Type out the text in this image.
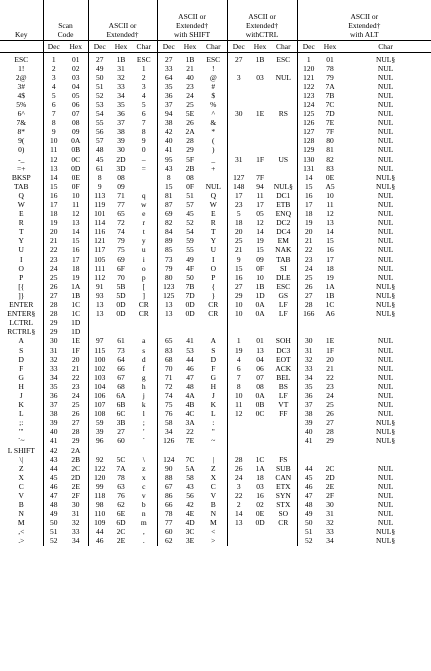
Key	Scan
Code		ASCII or
Extended†			ASCII or
Extended†
with SHIFT			ASCII or
Extended†
withCTRL			ASCII or
Extended†
with ALT		
	Dec	Hex	Dec	Hex	Char	Dec	Hex	Char	Dec	Hex	Char	Dec	Hex	Char
ESC	1	01	27	1B	ESC	27	1B	ESC	27	1B	ESC	1	01	NUL§
1!	2	02	49	31	1	33	21	!				120	78	NUL
2@	3	03	50	32	2	64	40	@	3	03	NUL	121	79	NUL
3#	4	04	51	33	3	35	23	#				122	7A	NUL
4$	5	05	52	34	4	36	24	$				123	7B	NUL
5%	6	06	53	35	5	37	25	%				124	7C	NUL
6^	7	07	54	36	6	94	5E	^	30	1E	RS	125	7D	NUL
7&	8	08	55	37	7	38	26	&				126	7E	NUL
8*	9	09	56	38	8	42	2A	*				127	7F	NUL
9(	10	0A	57	39	9	40	28	(				128	80	NUL
0)	11	0B	48	30	0	41	29	)				129	81	NUL
-_	12	0C	45	2D	–	95	5F	_	31	1F	US	130	82	NUL
=+	13	0D	61	3D	=	43	2B	+				131	83	NUL
BKSP	14	0E	8	08		8	08		127	7F		14	0E	NUL§
TAB	15	0F	9	09		15	0F	NUL	148	94	NUL§	15	A5	NUL§
Q	16	10	113	71	q	81	51	Q	17	11	DC1	16	10	NUL
W	17	11	119	77	w	87	57	W	23	17	ETB	17	11	NUL
E	18	12	101	65	e	69	45	E	5	05	ENQ	18	12	NUL
R	19	13	114	72	r	82	52	R	18	12	DC2	19	13	NUL
T	20	14	116	74	t	84	54	T	20	14	DC4	20	14	NUL
Y	21	15	121	79	y	89	59	Y	25	19	EM	21	15	NUL
U	22	16	117	75	u	85	55	U	21	15	NAK	22	16	NUL
I	23	17	105	69	i	73	49	I	9	09	TAB	23	17	NUL
O	24	18	111	6F	o	79	4F	O	15	0F	SI	24	18	NUL
P	25	19	112	70	p	80	50	P	16	10	DLE	25	19	NUL
[{	26	1A	91	5B	[	123	7B	{	27	1B	ESC	26	1A	NUL§
]}	27	1B	93	5D	]	125	7D	}	29	1D	GS	27	1B	NUL§
ENTER	28	1C	13	0D	CR	13	0D	CR	10	0A	LF	28	1C	NUL§
ENTER§	28	1C	13	0D	CR	13	0D	CR	10	0A	LF	166	A6	NUL§
LCTRL	29	1D												
RCTRL§	29	1D												
A	30	1E	97	61	a	65	41	A	1	01	SOH	30	1E	NUL
S	31	1F	115	73	s	83	53	S	19	13	DC3	31	1F	NUL
D	32	20	100	64	d	68	44	D	4	04	EOT	32	20	NUL
F	33	21	102	66	f	70	46	F	6	06	ACK	33	21	NUL
G	34	22	103	67	g	71	47	G	7	07	BEL	34	22	NUL
H	35	23	104	68	h	72	48	H	8	08	BS	35	23	NUL
J	36	24	106	6A	j	74	4A	J	10	0A	LF	36	24	NUL
K	37	25	107	6B	k	75	4B	K	11	0B	VT	37	25	NUL
L	38	26	108	6C	l	76	4C	L	12	0C	FF	38	26	NUL
;:	39	27	59	3B	;	58	3A	:				39	27	NUL§
'"	40	28	39	27	'	34	22	"				40	28	NUL§
`~	41	29	96	60	`	126	7E	~				41	29	NUL§
L SHIFT	42	2A												
\|	43	2B	92	5C	\	124	7C	|	28	1C	FS			
Z	44	2C	122	7A	z	90	5A	Z	26	1A	SUB	44	2C	NUL
X	45	2D	120	78	x	88	58	X	24	18	CAN	45	2D	NUL
C	46	2E	99	63	c	67	43	C	3	03	ETX	46	2E	NUL
V	47	2F	118	76	v	86	56	V	22	16	SYN	47	2F	NUL
B	48	30	98	62	b	66	42	B	2	02	STX	48	30	NUL
N	49	31	110	6E	n	78	4E	N	14	0E	SO	49	31	NUL
M	50	32	109	6D	m	77	4D	M	13	0D	CR	50	32	NUL
,<	51	33	44	2C	,	60	3C	<				51	33	NUL§
.>	52	34	46	2E	.	62	3E	>				52	34	NUL§
